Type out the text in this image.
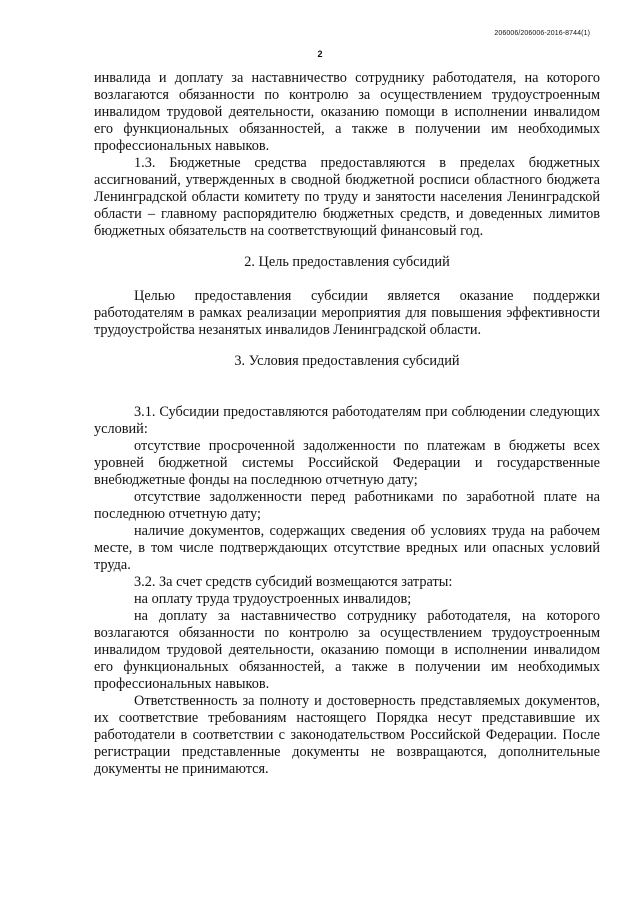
206006/206006-2016-8744(1)
2

инвалида и доплату за наставничество сотруднику работодателя, на которого возлагаются обязанности по контролю за осуществлением трудоустроенным инвалидом трудовой деятельности, оказанию помощи в исполнении инвалидом его функциональных обязанностей, а также в получении им необходимых профессиональных навыков.

1.3. Бюджетные средства предоставляются в пределах бюджетных ассигнований, утвержденных в сводной бюджетной росписи областного бюджета Ленинградской области комитету по труду и занятости населения Ленинградской области – главному распорядителю бюджетных средств, и доведенных лимитов бюджетных обязательств на соответствующий финансовый год.

2. Цель предоставления субсидий

Целью предоставления субсидии является оказание поддержки работодателям в рамках реализации мероприятия для повышения эффективности трудоустройства незанятых инвалидов Ленинградской области.

3. Условия предоставления субсидий

3.1. Субсидии предоставляются работодателям при соблюдении следующих условий:

отсутствие просроченной задолженности по платежам в бюджеты всех уровней бюджетной системы Российской Федерации и государственные внебюджетные фонды на последнюю отчетную дату;

отсутствие задолженности перед работниками по заработной плате на последнюю отчетную дату;

наличие документов, содержащих сведения об условиях труда на рабочем месте, в том числе подтверждающих отсутствие вредных или опасных условий труда.

3.2. За счет средств субсидий возмещаются затраты:

на оплату труда трудоустроенных инвалидов;

на доплату за наставничество сотруднику работодателя, на которого возлагаются обязанности по контролю за осуществлением трудоустроенным инвалидом трудовой деятельности, оказанию помощи в исполнении инвалидом его функциональных обязанностей, а также в получении им необходимых профессиональных навыков.

Ответственность за полноту и достоверность представляемых документов, их соответствие требованиям настоящего Порядка несут представившие их работодатели в соответствии с законодательством Российской Федерации. После регистрации представленные документы не возвращаются, дополнительные документы не принимаются.
